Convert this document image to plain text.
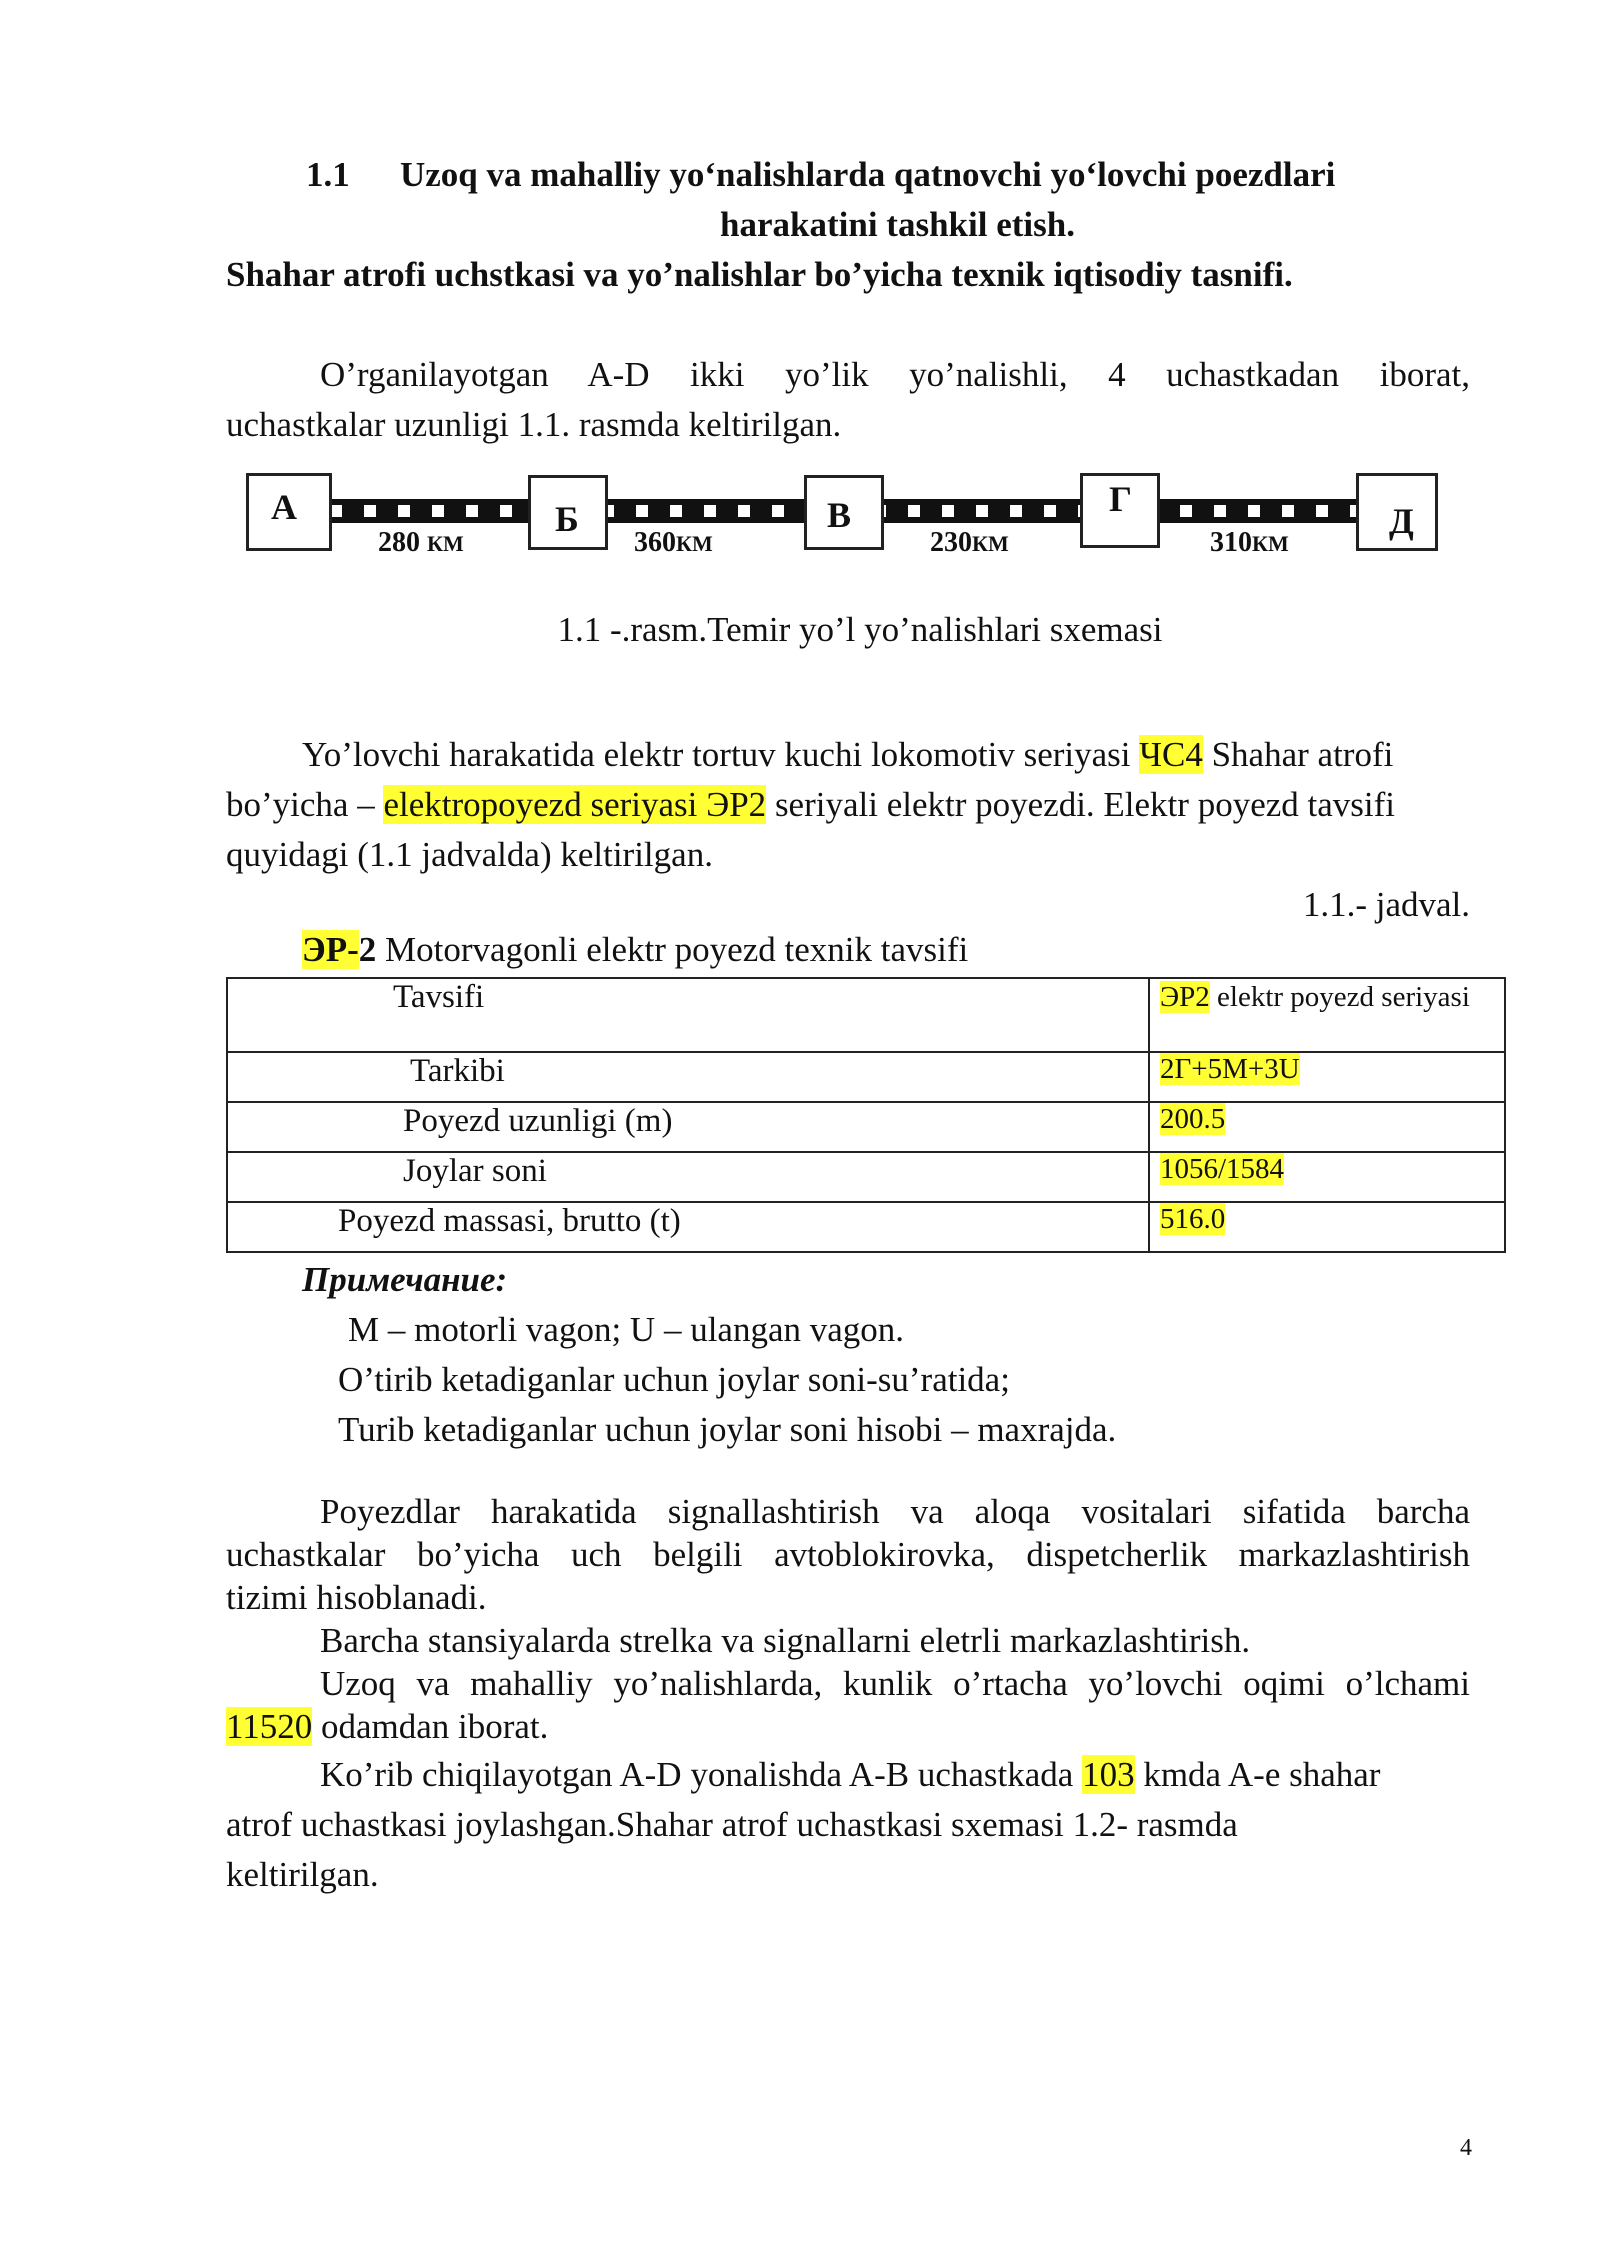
1.1 Uzoq va mahalliy yo‘nalishlarda qatnovchi yo‘lovchi poezdlari
harakatini tashkil etish.
Shahar atrofi uchstkasi va yo’nalishlar bo’yicha texnik iqtisodiy tasnifi.
O’rganilayotgan A-D ikki yo’lik yo’nalishli, 4 uchastkadan iborat,
uchastkalar uzunligi 1.1. rasmda keltirilgan.
А	Б	В	Г
Д
280 КМ	360КМ	230КМ	310КМ
1.1 -.rasm.Temir yo’l yo’nalishlari sxemasi
Yo’lovchi harakatida elektr tortuv kuchi lokomotiv seriyasi ЧС4 Shahar atrofi
bo’yicha – elektropoyezd seriyasi ЭР2 seriyali elektr poyezdi. Elektr poyezd tavsifi
quyidagi (1.1 jadvalda) keltirilgan.
1.1.- jadval.
ЭР-2 Motorvagonli elektr poyezd texnik tavsifi
Tavsifi	ЭР2 elektr poyezd seriyasi
Tarkibi	2Г+5М+3U
Poyezd uzunligi (m)	200.5
Joylar soni	1056/1584
Poyezd massasi, brutto (t)	516.0
Примечание:
M – motorli vagon; U – ulangan vagon.
O’tirib ketadiganlar uchun joylar soni-su’ratida;
Turib ketadiganlar uchun joylar soni hisobi – maxrajda.
Poyezdlar harakatida signallashtirish va aloqa vositalari sifatida barcha
uchastkalar bo’yicha uch belgili avtoblokirovka, dispetcherlik markazlashtirish
tizimi hisoblanadi.
Barcha stansiyalarda strelka va signallarni eletrli markazlashtirish.
Uzoq va mahalliy yo’nalishlarda, kunlik o’rtacha yo’lovchi oqimi o’lchami
11520 odamdan iborat.
Ko’rib chiqilayotgan A-D yonalishda A-B uchastkada 103 kmda A-e shahar
atrof uchastkasi joylashgan.Shahar atrof uchastkasi sxemasi 1.2- rasmda
keltirilgan.
4
